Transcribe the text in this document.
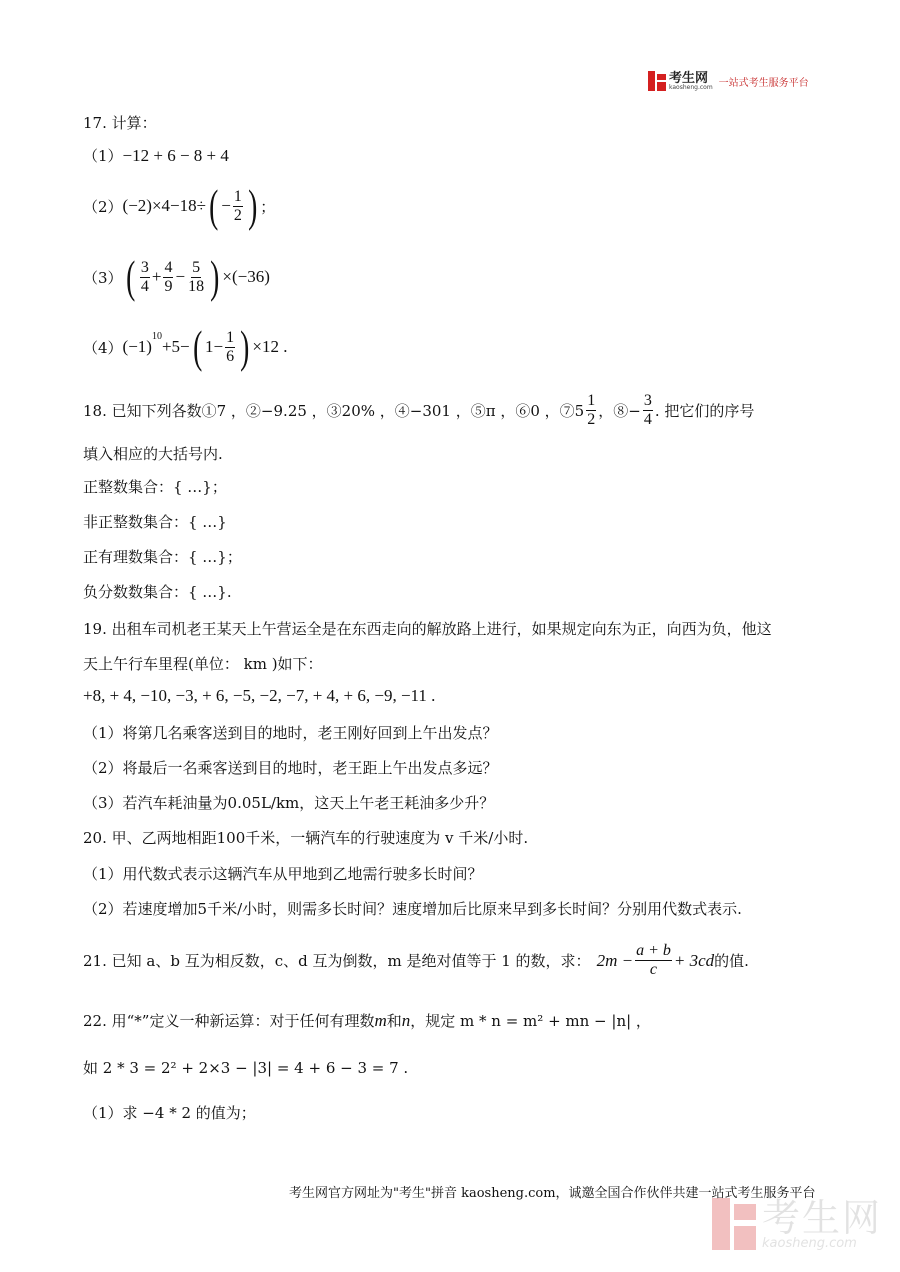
考生网
kaosheng.com 一站式考生服务平台
17. 计算：
（1） −12 + 6 − 8 + 4
（2） (−2)×4−18÷ ( − $\frac{1}{2}$ ) ；
（3） ( $\frac{3}{4} + \frac{4}{9} - \frac{5}{18}$ ) ×(−36)
（4） (−1)
$^{10}$
+5− ( $1- \frac{1}{6}$ ) ×12 .
18. 已知下列各数①7 ，②−9.25 ，③20% ，④−301 ，⑤π ，⑥0 ，⑦5 $\frac{1}{2}$ ，⑧− $\frac{3}{4}$ . 把它们的序号
填入相应的大括号内.
正整数集合：{ …}；
非正整数集合：{ …}
正有理数集合：{ …}；
负分数数集合：{ …}.
19. 出租车司机老王某天上午营运全是在东西走向的解放路上进行，如果规定向东为正，向西为负，他这
天上午行车里程(单位： km )如下：
+8, + 4, −10, −3, + 6, −5, −2, −7, + 4, + 6, −9, −11 .
（1）将第几名乘客送到目的地时，老王刚好回到上午出发点？
（2）将最后一名乘客送到目的地时，老王距上午出发点多远？
（3）若汽车耗油量为0.05L/km，这天上午老王耗油多少升？
20. 甲、乙两地相距100千米，一辆汽车的行驶速度为 v 千米/小时.
（1）用代数式表示这辆汽车从甲地到乙地需行驶多长时间？
（2）若速度增加5千米/小时，则需多长时间？速度增加后比原来早到多长时间？分别用代数式表示.
21. 已知 a、b 互为相反数，c、d 互为倒数，m 是绝对值等于 1 的数，求： $2m - \frac{a + b}{c} + 3cd$ 的值.
22. 用“*”定义一种新运算：对于任何有理数 m 和 n ，规定 m * n = m² + mn − |n| ，
如 2 * 3 = 2² + 2×3 − |3| = 4 + 6 − 3 = 7 .
（1）求 −4 * 2 的值为；
考生网官方网址为"考生"拼音 kaosheng.com，诚邀全国合作伙伴共建一站式考生服务平台
考生网
kaosheng.com
